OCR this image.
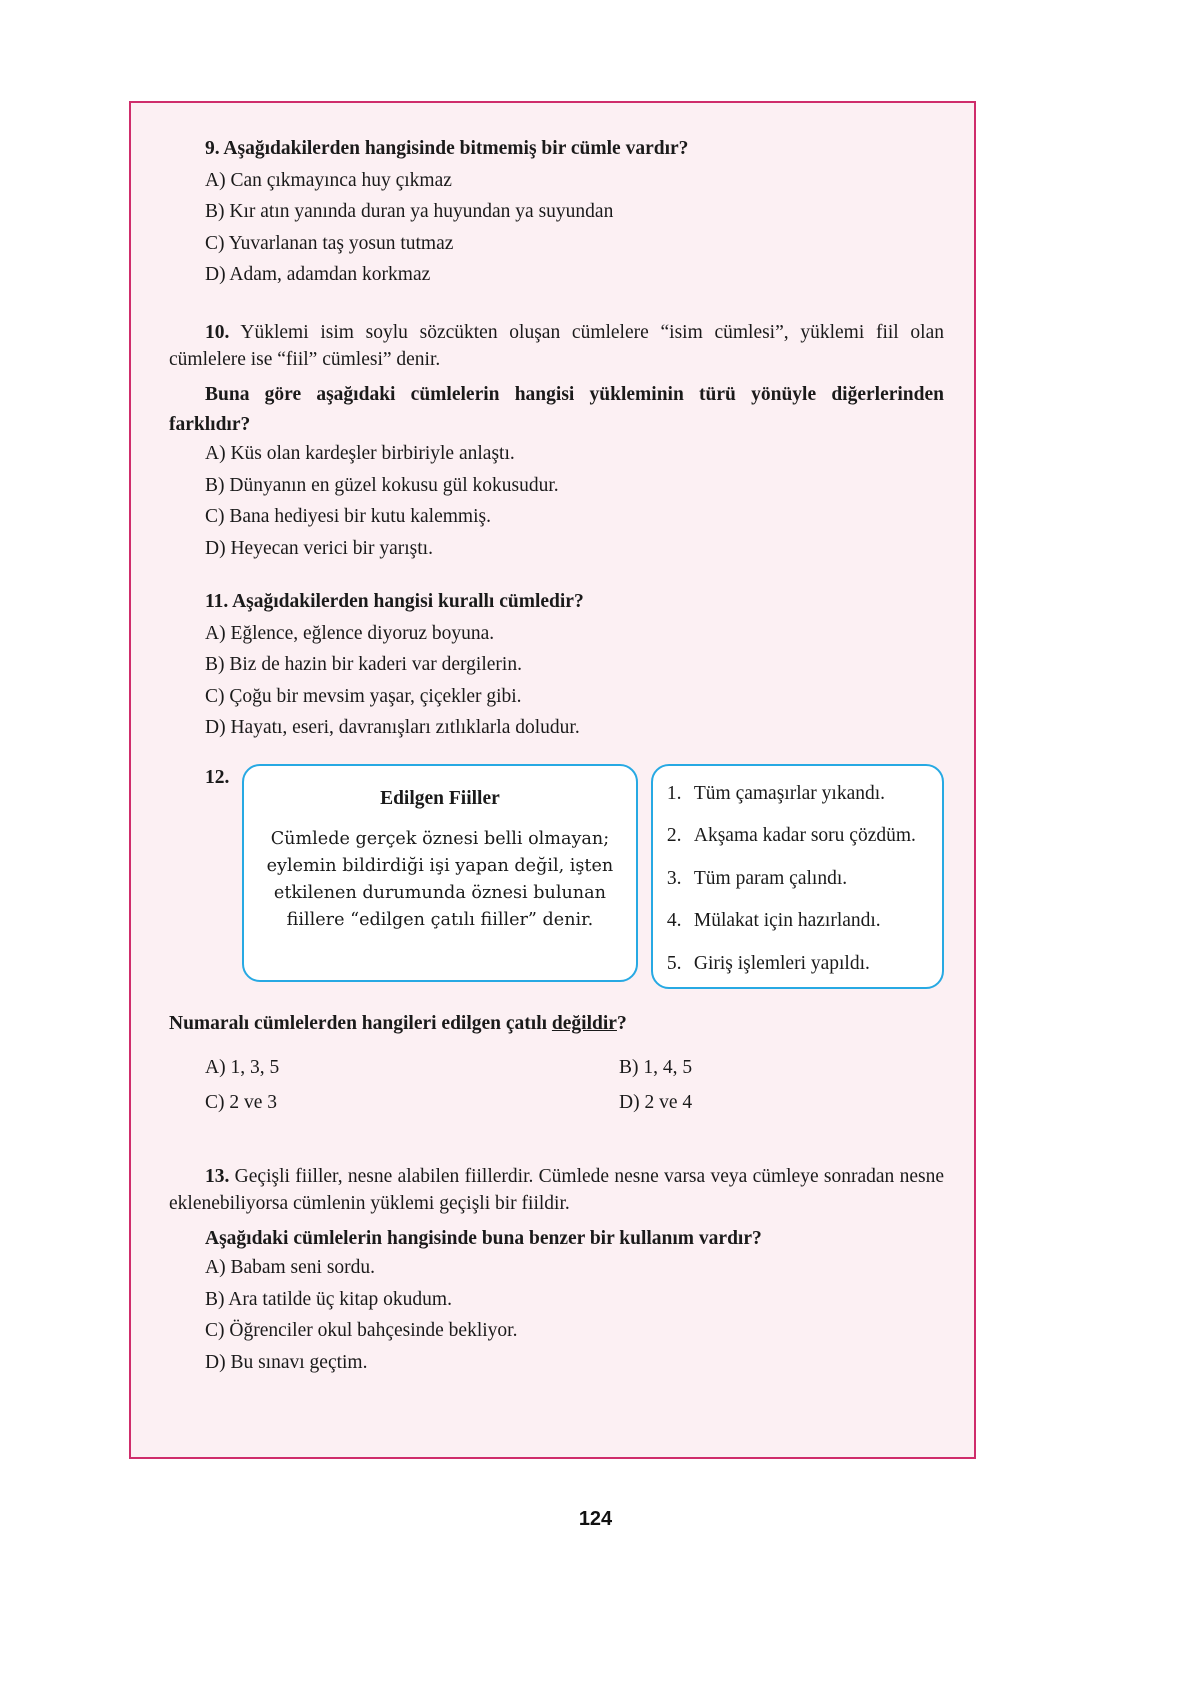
9. Aşağıdakilerden hangisinde bitmemiş bir cümle vardır?

A) Can çıkmayınca huy çıkmaz

B) Kır atın yanında duran ya huyundan ya suyundan

C) Yuvarlanan taş yosun tutmaz

D) Adam, adamdan korkmaz

10. Yüklemi isim soylu sözcükten oluşan cümlelere “isim cümlesi”, yüklemi fiil olan cümlelere ise “fiil” cümlesi” denir.

Buna göre aşağıdaki cümlelerin hangisi yükleminin türü yönüyle diğerlerinden farklıdır?

A) Küs olan kardeşler birbiriyle anlaştı.

B) Dünyanın en güzel kokusu gül kokusudur.

C) Bana hediyesi bir kutu kalemmiş.

D) Heyecan verici bir yarıştı.

11. Aşağıdakilerden hangisi kurallı cümledir?

A) Eğlence, eğlence diyoruz boyuna.

B) Biz de hazin bir kaderi var dergilerin.

C) Çoğu bir mevsim yaşar, çiçekler gibi.

D) Hayatı, eseri, davranışları zıtlıklarla doludur.

12.

Edilgen Fiiller

Cümlede gerçek öznesi belli olmayan; eylemin bildirdiği işi yapan değil, işten etkilenen durumunda öznesi bulunan fiillere “edilgen çatılı fiiller” denir.

1. Tüm çamaşırlar yıkandı.

2. Akşama kadar soru çözdüm.

3. Tüm param çalındı.

4. Mülakat için hazırlandı.

5. Giriş işlemleri yapıldı.

Numaralı cümlelerden hangileri edilgen çatılı değildir?

A) 1, 3, 5	B) 1, 4, 5
C) 2 ve 3	D) 2 ve 4

13. Geçişli fiiller, nesne alabilen fiillerdir. Cümlede nesne varsa veya cümleye sonradan nesne eklenebiliyorsa cümlenin yüklemi geçişli bir fiildir.

Aşağıdaki cümlelerin hangisinde buna benzer bir kullanım vardır?

A) Babam seni sordu.

B) Ara tatilde üç kitap okudum.

C) Öğrenciler okul bahçesinde bekliyor.

D) Bu sınavı geçtim.

124
